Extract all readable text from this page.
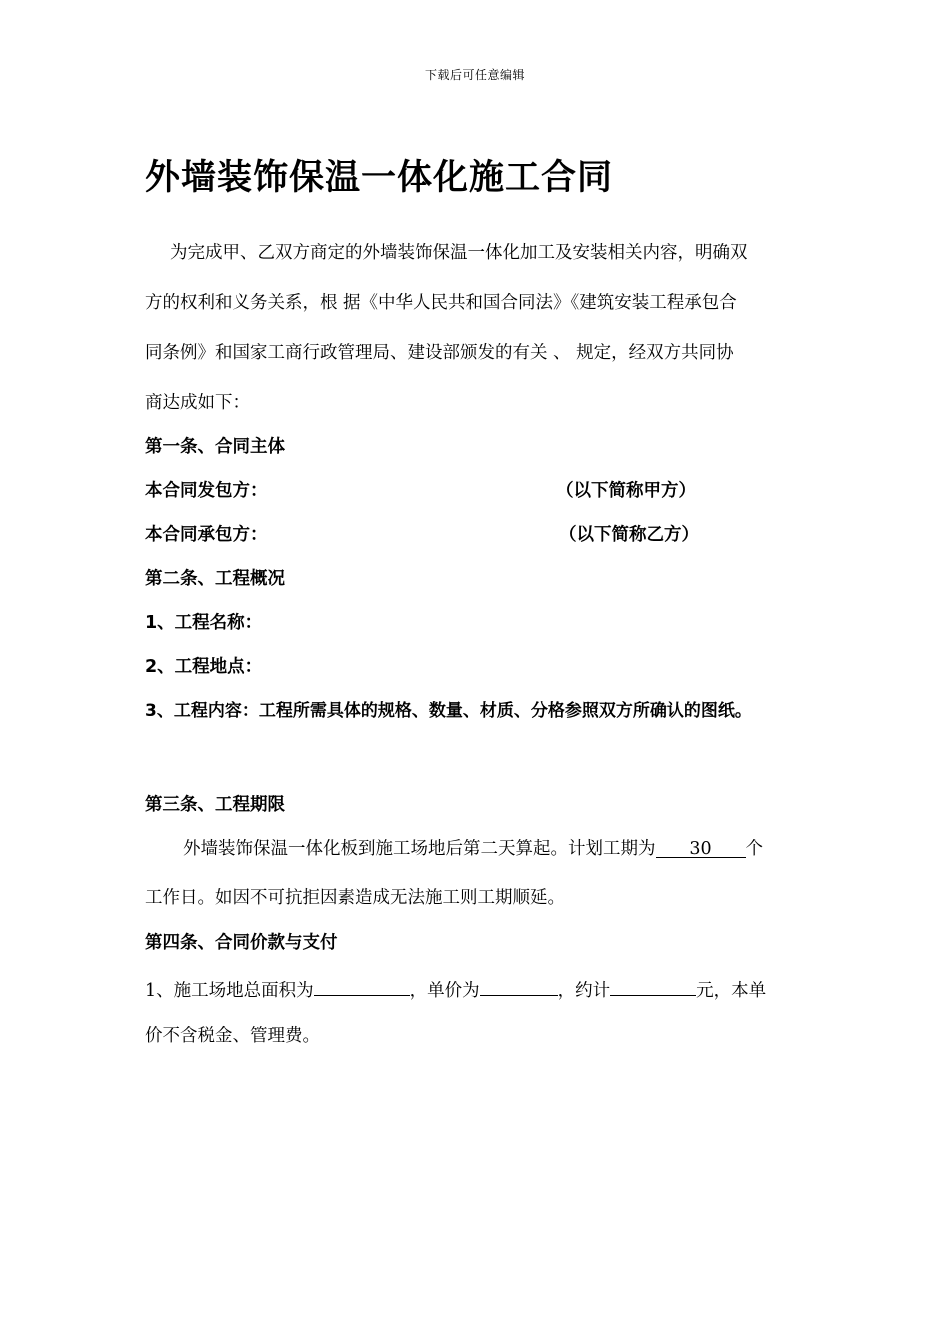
下载后可任意编辑
外墙装饰保温一体化施工合同
为完成甲、乙双方商定的外墙装饰保温一体化加工及安装相关内容，明确双
方的权利和义务关系，根 据《中华人民共和国合同法》《建筑安装工程承包合
同条例》和国家工商行政管理局、建设部颁发的有关 、 规定，经双方共同协
商达成如下：
第一条、合同主体
本合同发包方：	（以下简称甲方）
本合同承包方：	（以下简称乙方）
第二条、工程概况
1、工程名称：
2、工程地点：
3、工程内容：工程所需具体的规格、数量、材质、分格参照双方所确认的图纸。
第三条、工程期限
外墙装饰保温一体化板到施工场地后第二天算起。计划工期为 30 个
工作日。如因不可抗拒因素造成无法施工则工期顺延。
第四条、合同价款与支付
1、施工场地总面积为	，单价为	，约计	元，本单
价不含税金、管理费。
